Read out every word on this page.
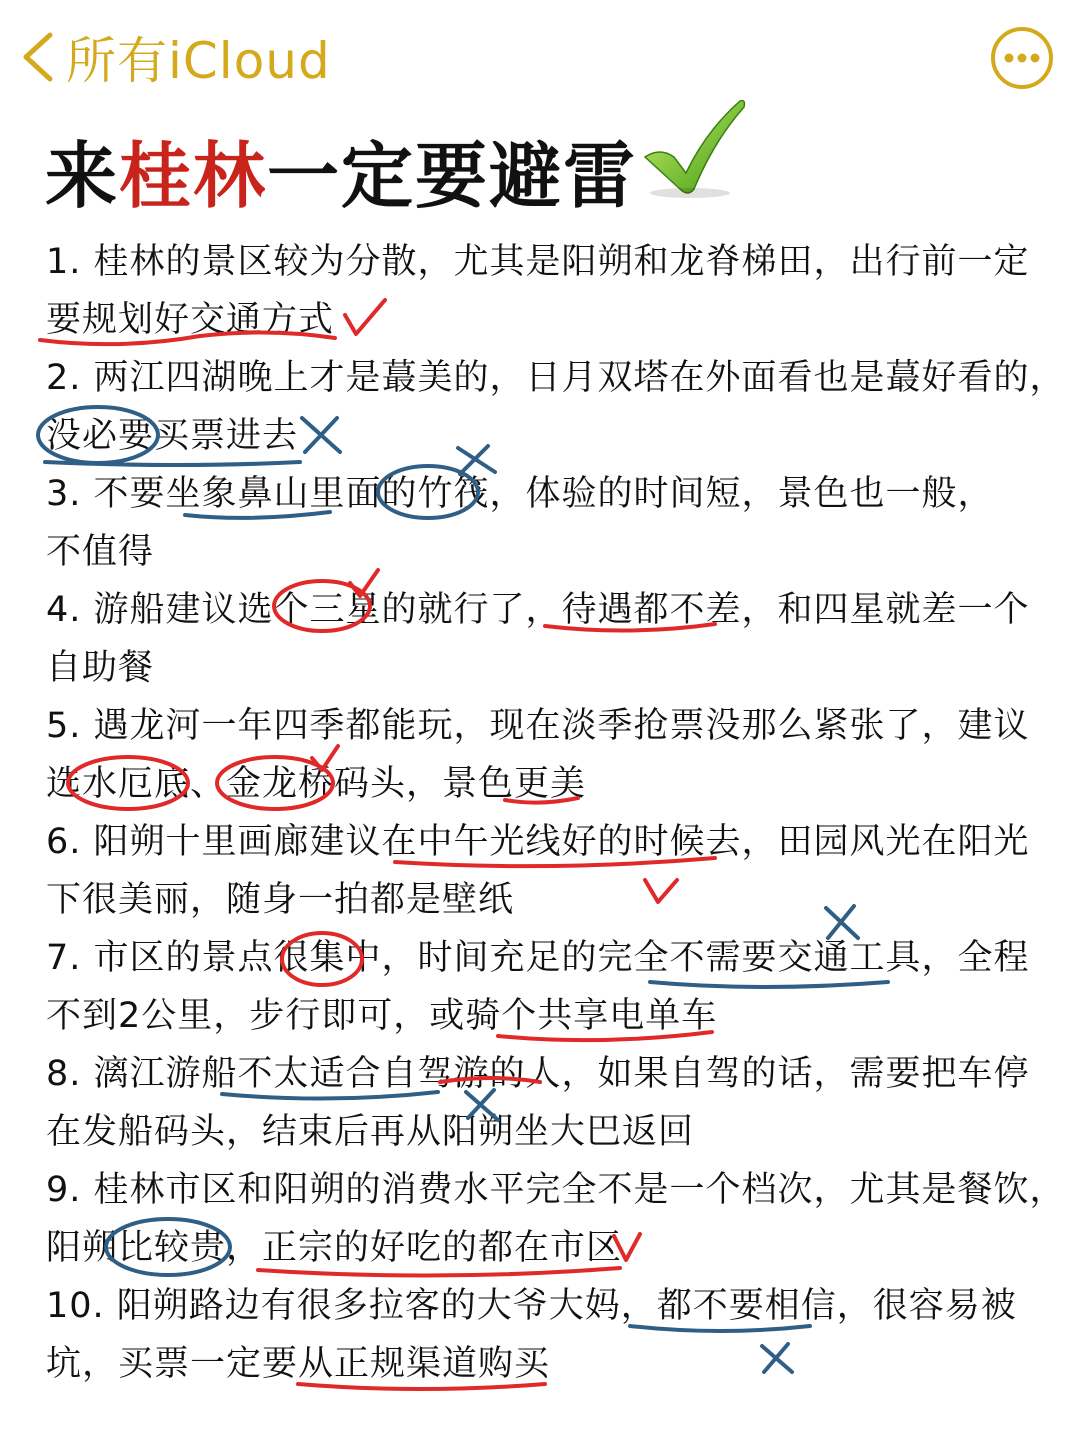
所有iCloud
来 桂林 一定要避雷
1. 桂林的景区较为分散，尤其是阳朔和龙脊梯田，出行前一定
要规划好交通方式
2. 两江四湖晚上才是蕞美的，日月双塔在外面看也是蕞好看的，
没必要买票进去
3. 不要坐象鼻山里面的竹筏，体验的时间短，景色也一般，
不值得
4. 游船建议选个三星的就行了，待遇都不差，和四星就差一个
自助餐
5. 遇龙河一年四季都能玩，现在淡季抢票没那么紧张了，建议
选水厄底、金龙桥码头，景色更美
6. 阳朔十里画廊建议在中午光线好的时候去，田园风光在阳光
下很美丽，随身一拍都是壁纸
7. 市区的景点很集中，时间充足的完全不需要交通工具，全程
不到2公里，步行即可，或骑个共享电单车
8. 漓江游船不太适合自驾游的人，如果自驾的话，需要把车停
在发船码头，结束后再从阳朔坐大巴返回
9. 桂林市区和阳朔的消费水平完全不是一个档次，尤其是餐饮，
阳朔比较贵，正宗的好吃的都在市区
10. 阳朔路边有很多拉客的大爷大妈，都不要相信，很容易被
坑，买票一定要从正规渠道购买
